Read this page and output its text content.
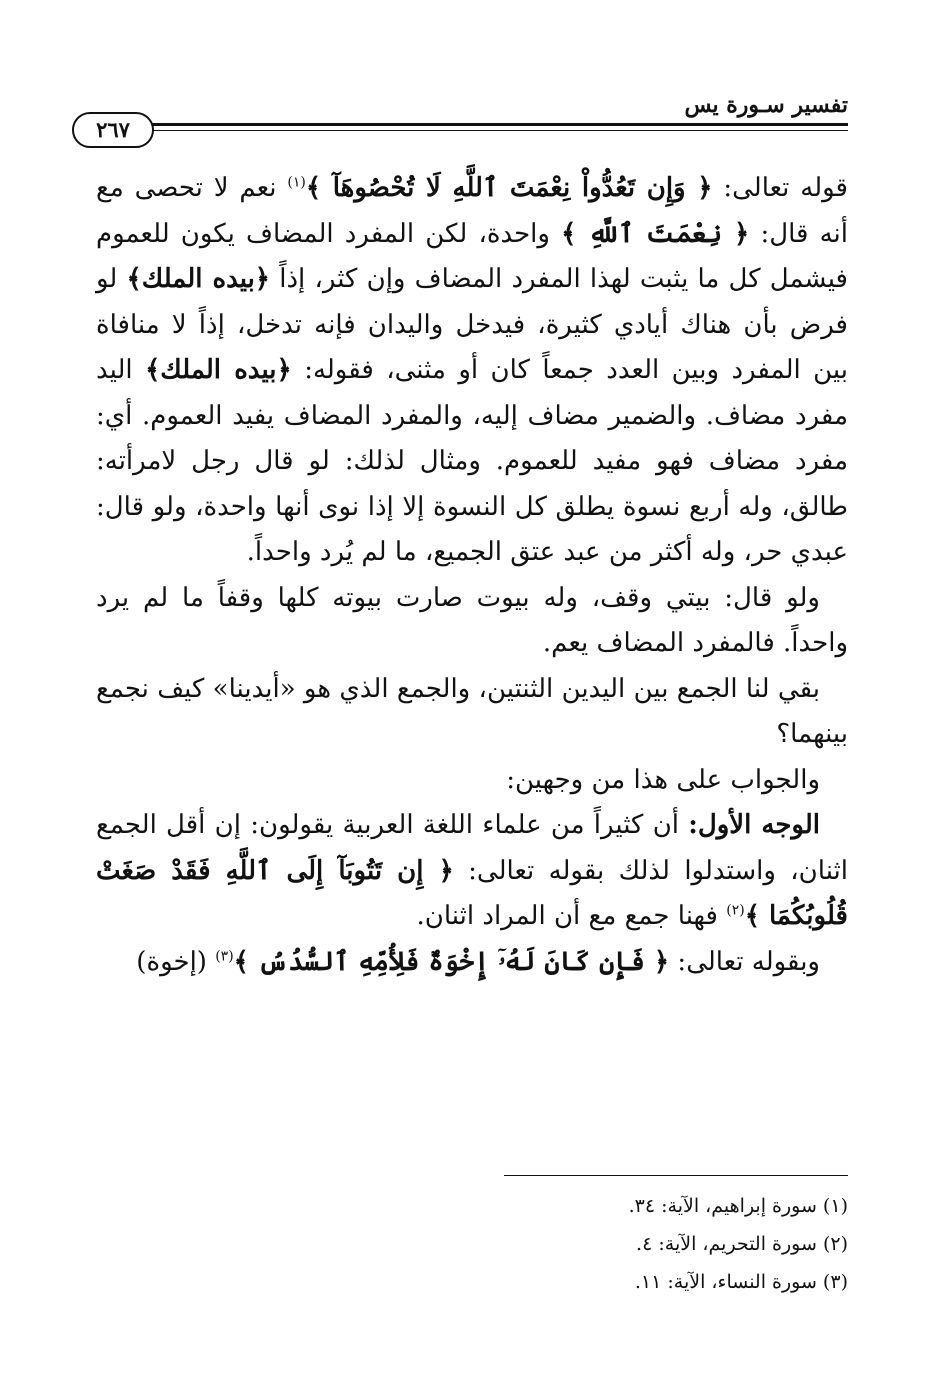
تفسير سـورة يس
٢٦٧

قوله تعالى: ﴿ وَإِن تَعُدُّواْ نِعْمَتَ ٱللَّهِ لَا تُحْصُوهَآ ﴾$^{(١)}$ نعم لا تحصى مع أنه قال: ﴿ نِعْمَتَ ٱللَّهِ ﴾ واحدة، لكن المفرد المضاف يكون للعموم فيشمل كل ما يثبت لهذا المفرد المضاف وإن كثر، إذاً ﴿بيده الملك﴾ لو فرض بأن هناك أيادي كثيرة، فيدخل واليدان فإنه تدخل، إذاً لا منافاة بين المفرد وبين العدد جمعاً كان أو مثنى، فقوله: ﴿بيده الملك﴾ اليد مفرد مضاف. والضمير مضاف إليه، والمفرد المضاف يفيد العموم. أي: مفرد مضاف فهو مفيد للعموم. ومثال لذلك: لو قال رجل لامرأته: طالق، وله أربع نسوة يطلق كل النسوة إلا إذا نوى أنها واحدة، ولو قال: عبدي حر، وله أكثر من عبد عتق الجميع، ما لم يُرد واحداً.

ولو قال: بيتي وقف، وله بيوت صارت بيوته كلها وقفاً ما لم يرد واحداً. فالمفرد المضاف يعم.

بقي لنا الجمع بين اليدين الثنتين، والجمع الذي هو «أيدينا» كيف نجمع بينهما؟

والجواب على هذا من وجهين:

الوجه الأول: أن كثيراً من علماء اللغة العربية يقولون: إن أقل الجمع اثنان، واستدلوا لذلك بقوله تعالى: ﴿ إِن تَتُوبَآ إِلَى ٱللَّهِ فَقَدْ صَغَتْ قُلُوبُكُمَا ﴾$^{(٢)}$ فهنا جمع مع أن المراد اثنان.

وبقوله تعالى: ﴿ فَإِن كَانَ لَهُۥٓ إِخْوَةٌ فَلِأُمِّهِ ٱلسُّدُسُ ﴾$^{(٣)}$ (إخوة)

(١) سورة إبراهيم، الآية: ٣٤.
(٢) سورة التحريم، الآية: ٤.
(٣) سورة النساء، الآية: ١١.
